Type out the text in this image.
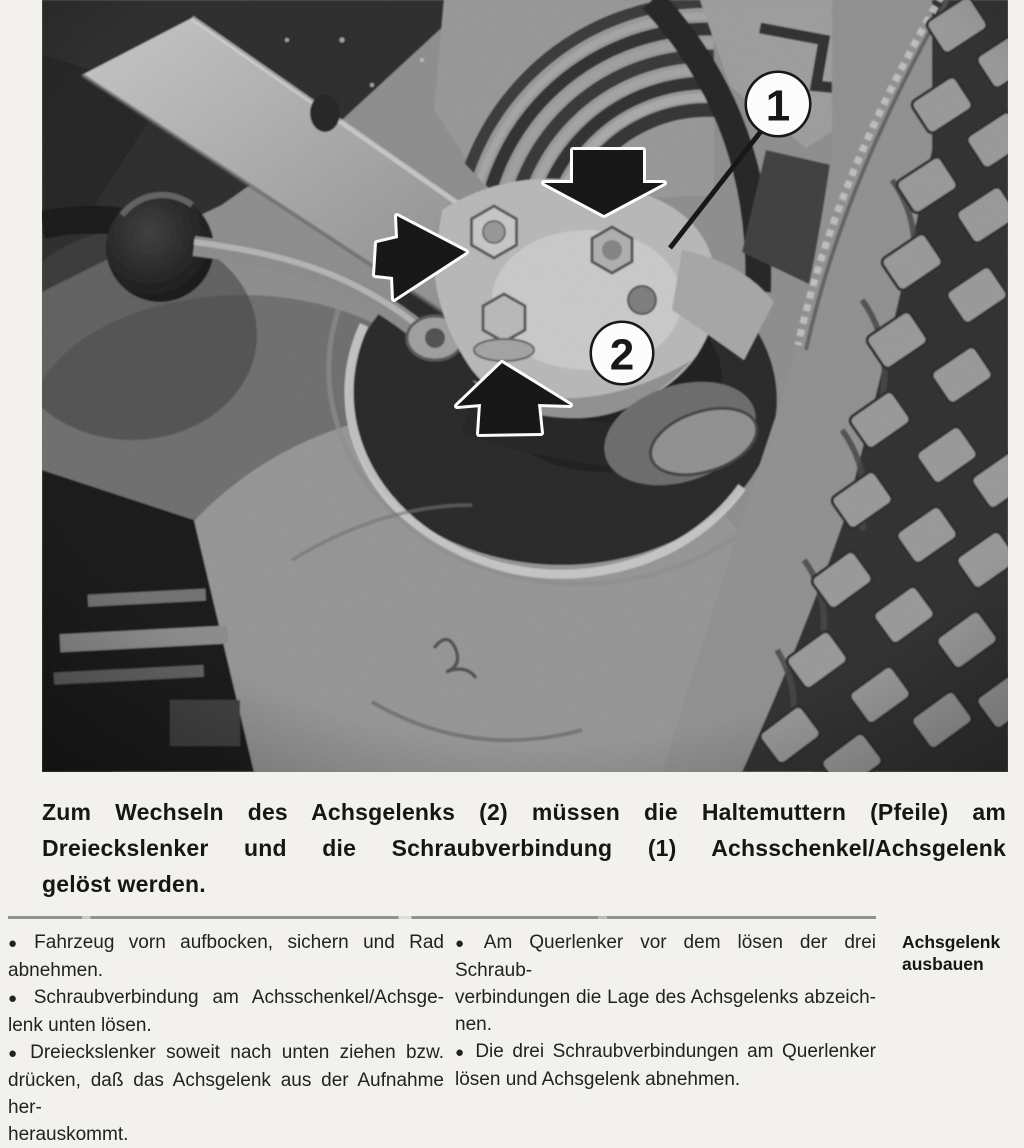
Zum Wechseln des Achsgelenks (2) müssen die Haltemuttern (Pfeile) am
Dreieckslenker und die Schraubverbindung (1) Achsschenkel/Achsgelenk
gelöst werden.
● Fahrzeug vorn aufbocken, sichern und Rad
abnehmen.
● Schraubverbindung am Achsschenkel/Achsge-
lenk unten lösen.
● Dreieckslenker soweit nach unten ziehen bzw.
drücken, daß das Achsgelenk aus der Aufnahme her-
herauskommt.
● Am Querlenker vor dem lösen der drei Schraub-
verbindungen die Lage des Achsgelenks abzeich-
nen.
● Die drei Schraubverbindungen am Querlenker
lösen und Achsgelenk abnehmen.
Achsgelenk
ausbauen
